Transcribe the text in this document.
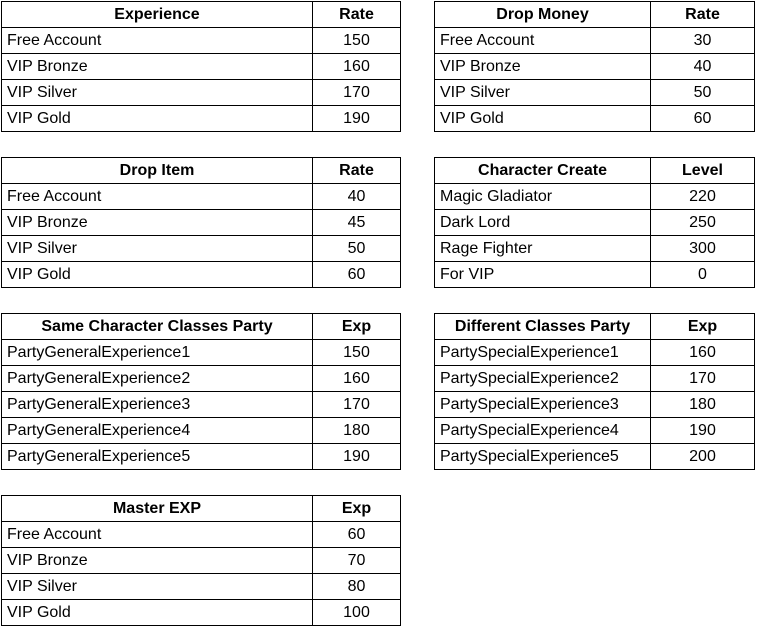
Experience	Rate
Free Account	150
VIP Bronze	160
VIP Silver	170
VIP Gold	190
Drop Money	Rate
Free Account	30
VIP Bronze	40
VIP Silver	50
VIP Gold	60
Drop Item	Rate
Free Account	40
VIP Bronze	45
VIP Silver	50
VIP Gold	60
Character Create	Level
Magic Gladiator	220
Dark Lord	250
Rage Fighter	300
For VIP	0
Same Character Classes Party	Exp
PartyGeneralExperience1	150
PartyGeneralExperience2	160
PartyGeneralExperience3	170
PartyGeneralExperience4	180
PartyGeneralExperience5	190
Different Classes Party	Exp
PartySpecialExperience1	160
PartySpecialExperience2	170
PartySpecialExperience3	180
PartySpecialExperience4	190
PartySpecialExperience5	200
Master EXP	Exp
Free Account	60
VIP Bronze	70
VIP Silver	80
VIP Gold	100
